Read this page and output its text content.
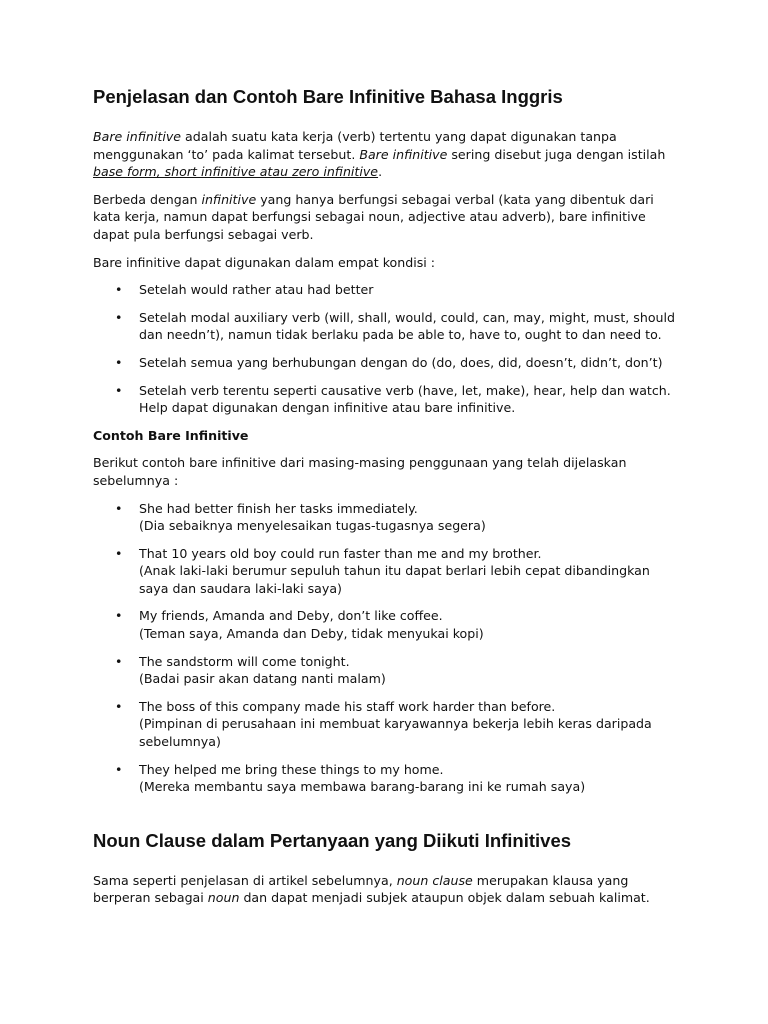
Penjelasan dan Contoh Bare Infinitive Bahasa Inggris

Bare infinitive adalah suatu kata kerja (verb) tertentu yang dapat digunakan tanpa menggunakan ‘to’ pada kalimat tersebut. Bare infinitive sering disebut juga dengan istilah base form, short infinitive atau zero infinitive.

Berbeda dengan infinitive yang hanya berfungsi sebagai verbal (kata yang dibentuk dari kata kerja, namun dapat berfungsi sebagai noun, adjective atau adverb), bare infinitive dapat pula berfungsi sebagai verb.

Bare infinitive dapat digunakan dalam empat kondisi :

• Setelah would rather atau had better
• Setelah modal auxiliary verb (will, shall, would, could, can, may, might, must, should dan needn’t), namun tidak berlaku pada be able to, have to, ought to dan need to.
• Setelah semua yang berhubungan dengan do (do, does, did, doesn’t, didn’t, don’t)
• Setelah verb terentu seperti causative verb (have, let, make), hear, help dan watch. Help dapat digunakan dengan infinitive atau bare infinitive.

Contoh Bare Infinitive

Berikut contoh bare infinitive dari masing-masing penggunaan yang telah dijelaskan sebelumnya :

• She had better finish her tasks immediately.
(Dia sebaiknya menyelesaikan tugas-tugasnya segera)
• That 10 years old boy could run faster than me and my brother.
(Anak laki-laki berumur sepuluh tahun itu dapat berlari lebih cepat dibandingkan saya dan saudara laki-laki saya)
• My friends, Amanda and Deby, don’t like coffee.
(Teman saya, Amanda dan Deby, tidak menyukai kopi)
• The sandstorm will come tonight.
(Badai pasir akan datang nanti malam)
• The boss of this company made his staff work harder than before.
(Pimpinan di perusahaan ini membuat karyawannya bekerja lebih keras daripada sebelumnya)
• They helped me bring these things to my home.
(Mereka membantu saya membawa barang-barang ini ke rumah saya)
Noun Clause dalam Pertanyaan yang Diikuti Infinitives

Sama seperti penjelasan di artikel sebelumnya, noun clause merupakan klausa yang berperan sebagai noun dan dapat menjadi subjek ataupun objek dalam sebuah kalimat.
